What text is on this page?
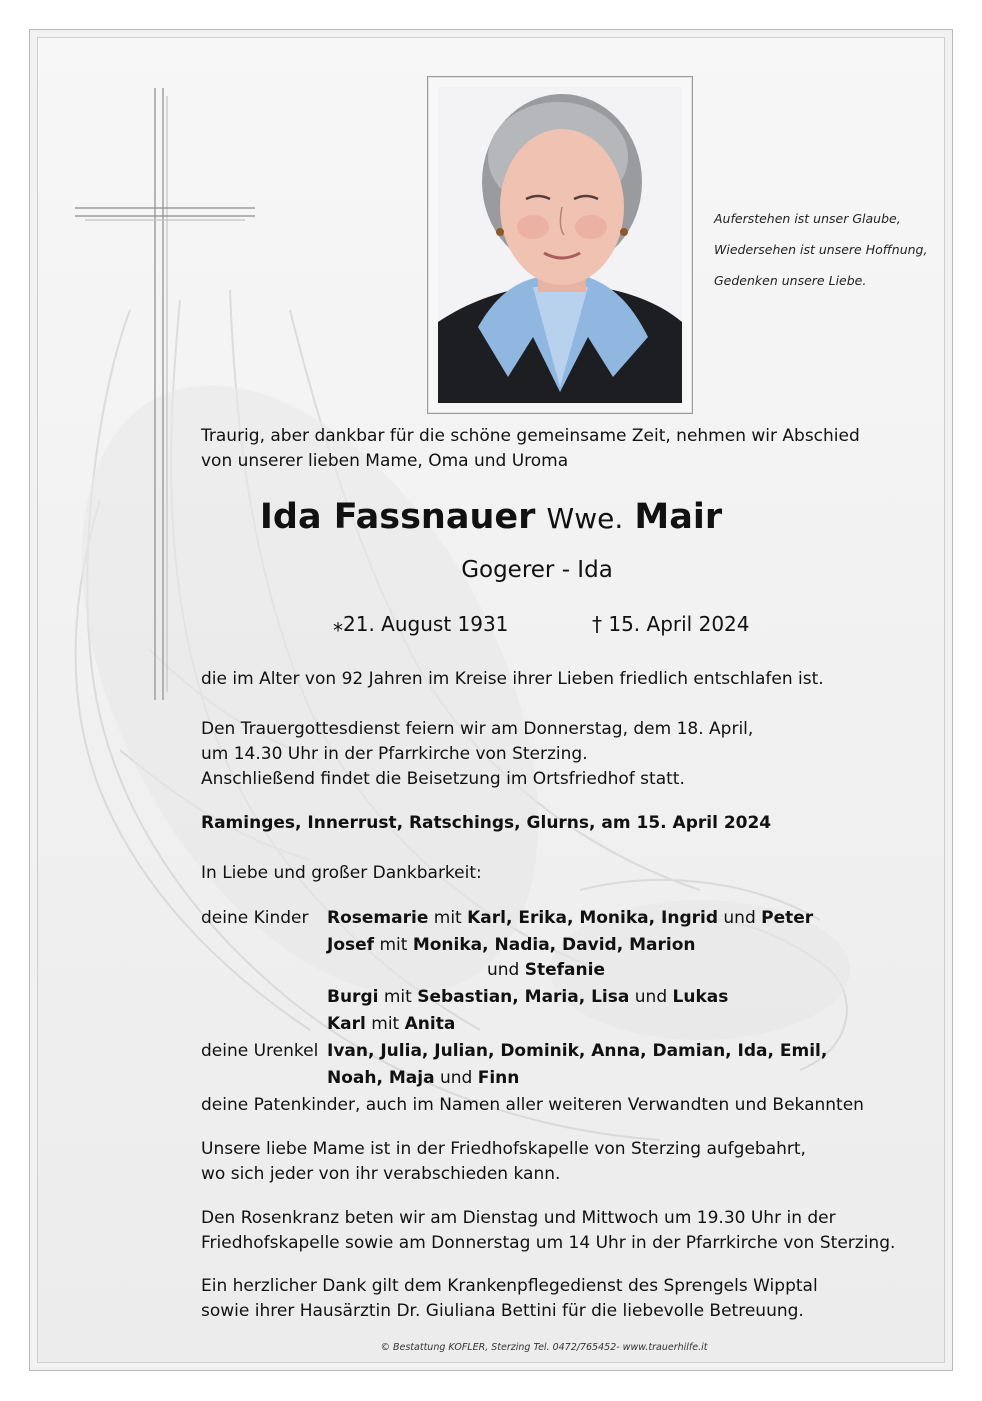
Auferstehen ist unser Glaube,
Wiedersehen ist unsere Hoffnung,
Gedenken unsere Liebe.
Traurig, aber dankbar für die schöne gemeinsame Zeit, nehmen wir Abschied
von unserer lieben Mame, Oma und Uroma
Ida Fassnauer Wwe. Mair
Gogerer - Ida
⁎21. August 1931	† 15. April 2024
die im Alter von 92 Jahren im Kreise ihrer Lieben friedlich entschlafen ist.
Den Trauergottesdienst feiern wir am Donnerstag, dem 18. April,
um 14.30 Uhr in der Pfarrkirche von Sterzing.
Anschließend findet die Beisetzung im Ortsfriedhof statt.
Raminges, Innerrust, Ratschings, Glurns, am 15. April 2024
In Liebe und großer Dankbarkeit:
deine Kinder Rosemarie mit Karl, Erika, Monika, Ingrid und Peter
Josef mit Monika, Nadia, David, Marion
und Stefanie
Burgi mit Sebastian, Maria, Lisa und Lukas
Karl mit Anita
deine Urenkel Ivan, Julia, Julian, Dominik, Anna, Damian, Ida, Emil,
Noah, Maja und Finn
deine Patenkinder, auch im Namen aller weiteren Verwandten und Bekannten
Unsere liebe Mame ist in der Friedhofskapelle von Sterzing aufgebahrt,
wo sich jeder von ihr verabschieden kann.
Den Rosenkranz beten wir am Dienstag und Mittwoch um 19.30 Uhr in der
Friedhofskapelle sowie am Donnerstag um 14 Uhr in der Pfarrkirche von Sterzing.
Ein herzlicher Dank gilt dem Krankenpflegedienst des Sprengels Wipptal
sowie ihrer Hausärztin Dr. Giuliana Bettini für die liebevolle Betreuung.
© Bestattung KOFLER, Sterzing Tel. 0472/765452- www.trauerhilfe.it
